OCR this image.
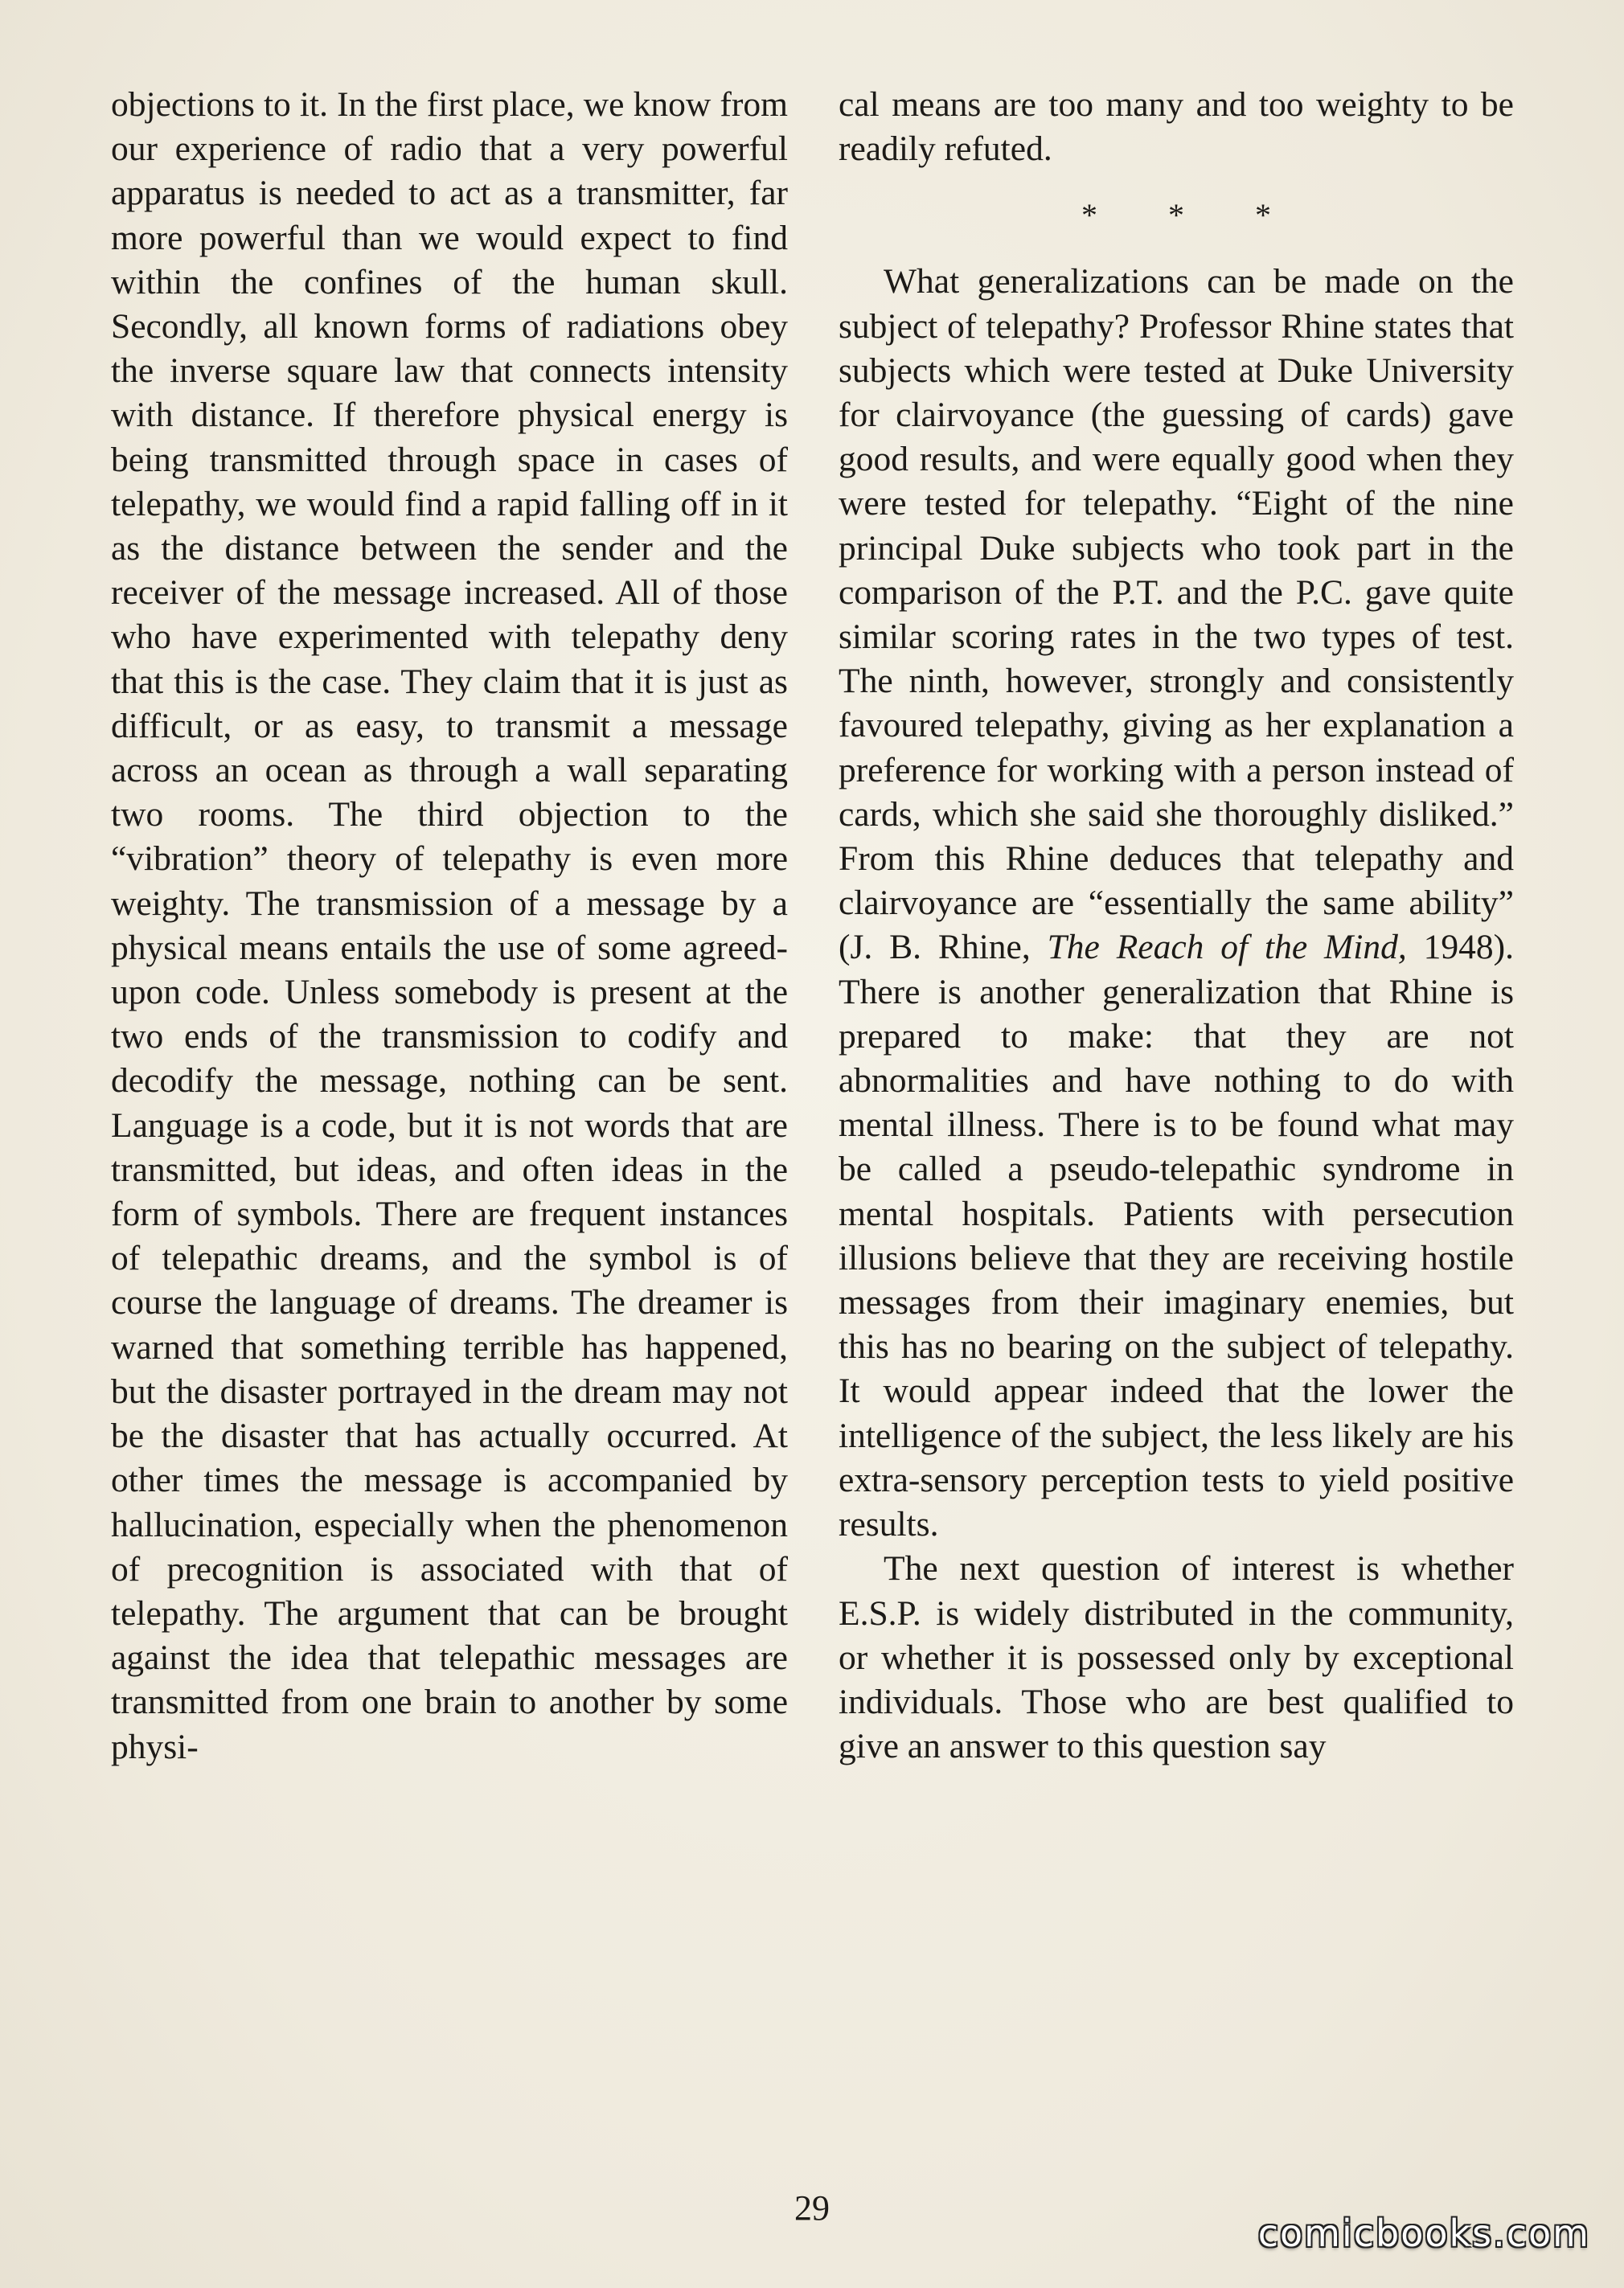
objections to it. In the first place, we know from our experience of radio that a very powerful apparatus is needed to act as a transmitter, far more powerful than we would expect to find within the confines of the human skull. Secondly, all known forms of radiations obey the inverse square law that connects intensity with distance. If therefore physical energy is being transmitted through space in cases of telepathy, we would find a rapid falling off in it as the distance between the sender and the receiver of the message increased. All of those who have experimented with telepathy deny that this is the case. They claim that it is just as difficult, or as easy, to transmit a message across an ocean as through a wall separating two rooms. The third objection to the “vibration” theory of telepathy is even more weighty. The transmission of a message by a physical means entails the use of some agreed-upon code. Unless somebody is present at the two ends of the transmission to codify and decodify the message, nothing can be sent. Language is a code, but it is not words that are transmitted, but ideas, and often ideas in the form of symbols. There are frequent instances of telepathic dreams, and the symbol is of course the language of dreams. The dreamer is warned that something terrible has happened, but the disaster portrayed in the dream may not be the disaster that has actually occurred. At other times the message is accompanied by hallucination, especially when the phenomenon of precognition is associated with that of telepathy. The argument that can be brought against the idea that telepathic messages are transmitted from one brain to another by some physi-

cal means are too many and too weighty to be readily refuted.

* * *

What generalizations can be made on the subject of telepathy? Professor Rhine states that subjects which were tested at Duke University for clairvoyance (the guessing of cards) gave good results, and were equally good when they were tested for telepathy. “Eight of the nine principal Duke subjects who took part in the comparison of the P.T. and the P.C. gave quite similar scoring rates in the two types of test. The ninth, however, strongly and consistently favoured telepathy, giving as her explanation a preference for working with a person instead of cards, which she said she thoroughly disliked.” From this Rhine deduces that telepathy and clairvoyance are “essentially the same ability” (J. B. Rhine, The Reach of the Mind, 1948). There is another generalization that Rhine is prepared to make: that they are not abnormalities and have nothing to do with mental illness. There is to be found what may be called a pseudo-telepathic syndrome in mental hospitals. Patients with persecution illusions believe that they are receiving hostile messages from their imaginary enemies, but this has no bearing on the subject of telepathy. It would appear indeed that the lower the intelligence of the subject, the less likely are his extra-sensory perception tests to yield positive results.

The next question of interest is whether E.S.P. is widely distributed in the community, or whether it is possessed only by exceptional individuals. Those who are best qualified to give an answer to this question say

29
comicbooks.com
